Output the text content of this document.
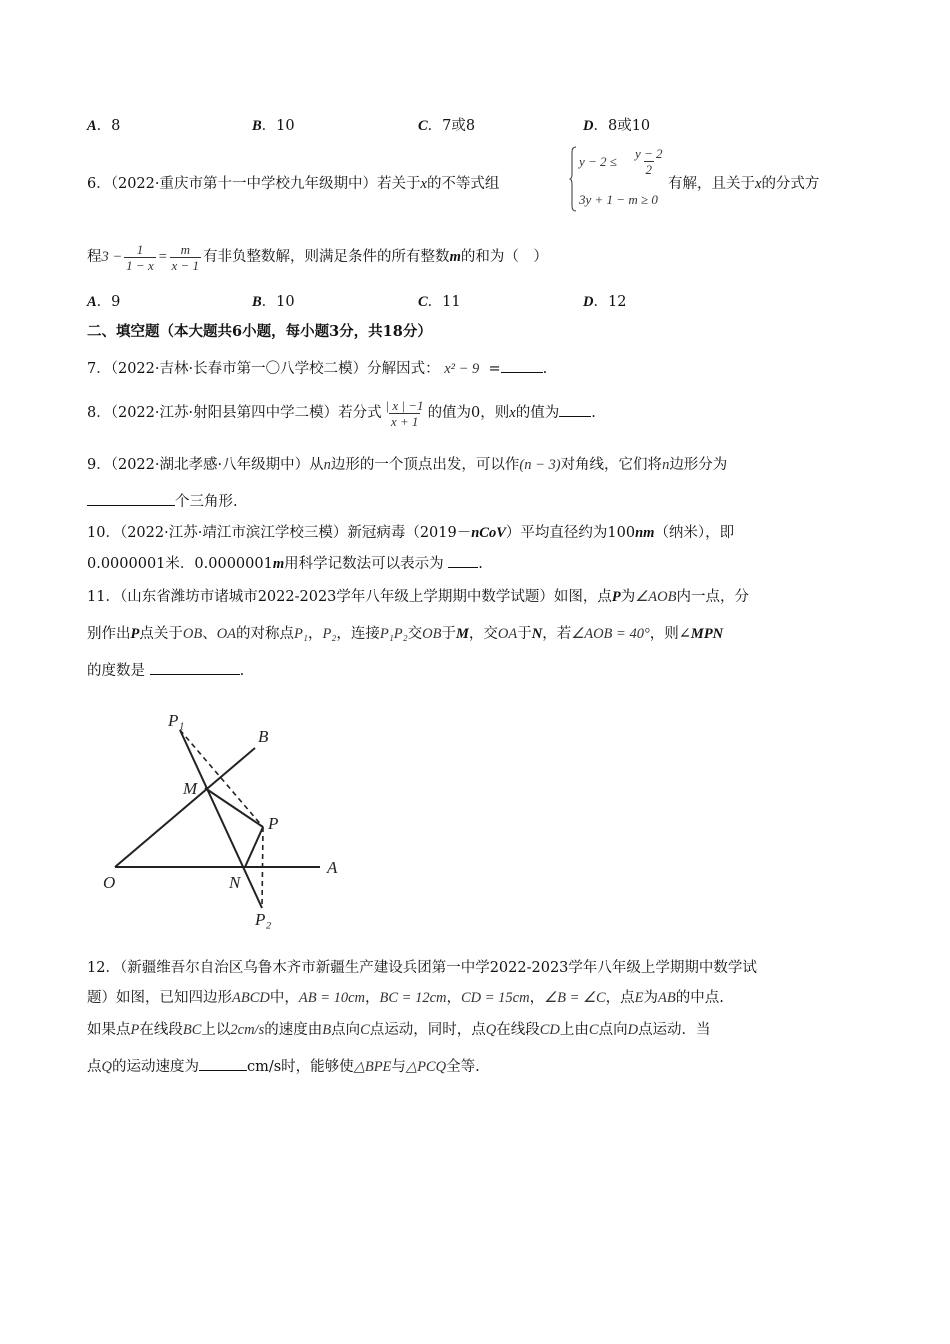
A．8	B．10	C．7或8	D．8或10
6．（2022·重庆市第十一中学校九年级期中）若关于x的不等式组
$y - 2 \le \frac{y - 2}{2}$
3y + 1 − m ≥ 0
有解，且关于x的分式方
程$3 - \frac{1}{1 - x} = \frac{m}{x - 1}$ 有非负整数解，则满足条件的所有整数m的和为（　）
A．9	B．10	C．11	D．12
二、填空题（本大题共6小题，每小题3分，共18分）
7．（2022·吉林·长春市第一〇八学校二模）分解因式： x² − 9 =	.
8．（2022·江苏·射阳县第四中学二模）若分式 $\frac{| x | -1}{x + 1}$ 的值为0，则x的值为 .
9．（2022·湖北孝感·八年级期中）从n边形的一个顶点出发，可以作(n − 3)对角线，它们将n边形分为
个三角形.
10．（2022·江苏·靖江市滨江学校三模）新冠病毒（2019－nCoV）平均直径约为100nm（纳米），即
0.0000001米．0.0000001m用科学记数法可以表示为 .
11．（山东省潍坊市诸城市2022-2023学年八年级上学期期中数学试题）如图，点P为∠AOB内一点，分
别作出P点关于OB、OA的对称点P₁，P₂，连接P₁P₂交OB于M，交OA于N，若∠AOB = 40°，则∠MPN
的度数是	.
P₁
B
M
P
O	N
A
P₂
12．（新疆维吾尔自治区乌鲁木齐市新疆生产建设兵团第一中学2022-2023学年八年级上学期期中数学试
题）如图，已知四边形ABCD中，AB = 10cm，BC = 12cm，CD = 15cm，∠B = ∠C，点E为AB的中点.
如果点P在线段BC上以2cm/s的速度由B点向C点运动，同时，点Q在线段CD上由C点向D点运动．当
点Q的运动速度为	cm/s时，能够使△BPE与△PCQ全等.
